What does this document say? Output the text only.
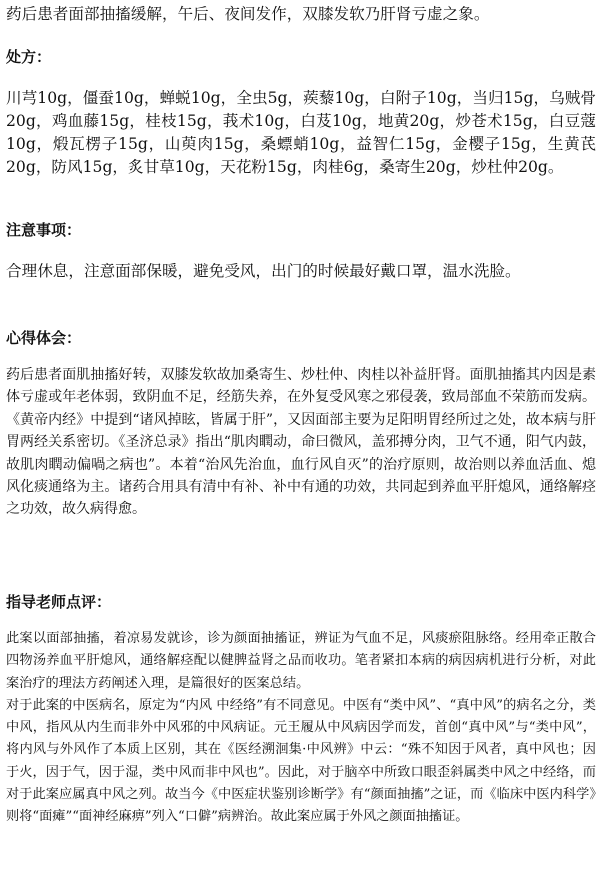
药后患者面部抽搐缓解，午后、夜间发作，双膝发软乃肝肾亏虚之象。
处方：
川芎10g，僵蚕10g，蝉蜕10g，全虫5g，蒺藜10g，白附子10g，当归15g，乌贼骨20g，鸡血藤15g，桂枝15g，莪术10g，白芨10g，地黄20g，炒苍术15g，白豆蔻10g，煅瓦楞子15g，山萸肉15g，桑螵蛸10g，益智仁15g，金樱子15g，生黄芪20g，防风15g，炙甘草10g，天花粉15g，肉桂6g，桑寄生20g，炒杜仲20g。
注意事项：
合理休息，注意面部保暖，避免受风，出门的时候最好戴口罩，温水洗脸。
心得体会：
药后患者面肌抽搐好转，双膝发软故加桑寄生、炒杜仲、肉桂以补益肝肾。面肌抽搐其内因是素体亏虚或年老体弱，致阴血不足，经筋失养，在外复受风寒之邪侵袭，致局部血不荣筋而发病。《黄帝内经》中提到“诸风掉眩，皆属于肝”，又因面部主要为足阳明胃经所过之处，故本病与肝胃两经关系密切。《圣济总录》指出“肌肉瞤动，命曰微风，盖邪搏分肉，卫气不通，阳气内鼓，故肌肉瞤动偏喎之病也”。本着“治风先治血，血行风自灭”的治疗原则，故治则以养血活血、熄风化痰通络为主。诸药合用具有清中有补、补中有通的功效，共同起到养血平肝熄风，通络解痉之功效，故久病得愈。
指导老师点评：
此案以面部抽搐，着凉易发就诊，诊为颜面抽搐证，辨证为气血不足，风痰瘀阻脉络。经用牵正散合四物汤养血平肝熄风，通络解痉配以健脾益肾之品而收功。笔者紧扣本病的病因病机进行分析，对此案治疗的理法方药阐述入理，是篇很好的医案总结。
对于此案的中医病名，原定为“内风 中经络”有不同意见。中医有“类中风”、“真中风”的病名之分，类中风，指风从内生而非外中风邪的中风病证。元王履从中风病因学而发，首创“真中风”与“类中风”，将内风与外风作了本质上区别，其在《医经溯洄集·中风辨》中云：“殊不知因于风者，真中风也；因于火，因于气，因于湿，类中风而非中风也”。因此，对于脑卒中所致口眼歪斜属类中风之中经络，而对于此案应属真中风之列。故当今《中医症状鉴别诊断学》有“颜面抽搐”之证，而《临床中医内科学》则将“面瘫”“面神经麻痹”列入“口僻”病辨治。故此案应属于外风之颜面抽搐证。
